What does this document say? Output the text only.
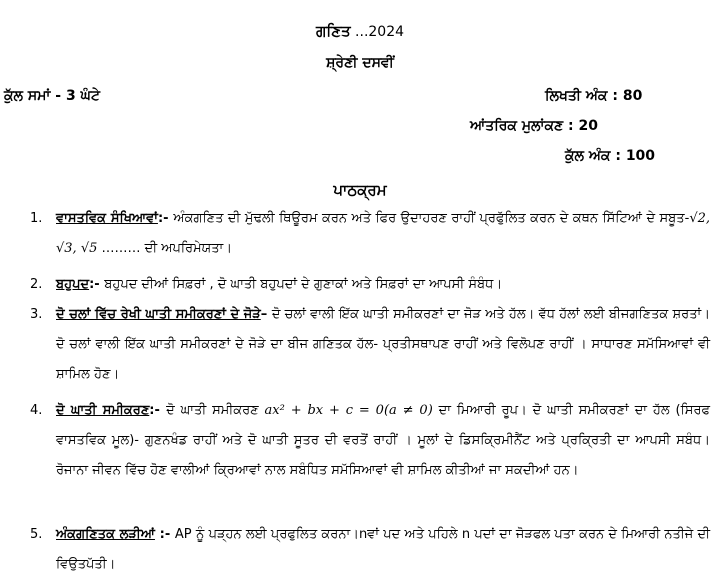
ਗਣਿਤ ...2024
ਸ਼੍ਰੇਣੀ ਦਸਵੀਂ
ਕੁੱਲ ਸਮਾਂ - 3 ਘੰਟੇ	ਲਿਖਤੀ ਅੰਕ : 80
ਆਂਤਰਿਕ ਮੁਲਾਂਕਣ : 20
ਕੁੱਲ ਅੰਕ : 100
ਪਾਠਕ੍ਰਮ
1. ਵਾਸਤਵਿਕ ਸੰਖਿਆਵਾਂ:- ਅੰਕਗਣਿਤ ਦੀ ਮੁੱਢਲੀ ਥਿਊਰਮ ਕਰਨ ਅਤੇ ਫਿਰ ਉਦਾਹਰਣ ਰਾਹੀਂ ਪ੍ਰਫੁੱਲਿਤ ਕਰਨ ਦੇ ਕਥਨ ਸਿੱਟਿਆਂ ਦੇ ਸਬੂਤ-√2, √3, √5 ……… ਦੀ ਅਪਰਿਮੇਯਤਾ।
2. ਬਹੁਪਦ:- ਬਹੁਪਦ ਦੀਆਂ ਸਿਫ਼ਰਾਂ , ਦੋ ਘਾਤੀ ਬਹੁਪਦਾਂ ਦੇ ਗੁਣਾਕਾਂ ਅਤੇ ਸਿਫ਼ਰਾਂ ਦਾ ਆਪਸੀ ਸੰਬੰਧ।
3. ਦੋ ਚਲਾਂ ਵਿੱਚ ਰੇਖੀ ਘਾਤੀ ਸਮੀਕਰਣਾਂ ਦੇ ਜੋੜੇ– ਦੋ ਚਲਾਂ ਵਾਲੀ ਇੱਕ ਘਾਤੀ ਸਮੀਕਰਣਾਂ ਦਾ ਜੋੜ ਅਤੇ ਹੱਲ। ਵੱਧ ਹੱਲਾਂ ਲਈ ਬੀਜਗਣਿਤਕ ਸ਼ਰਤਾਂ। ਦੋ ਚਲਾਂ ਵਾਲੀ ਇੱਕ ਘਾਤੀ ਸਮੀਕਰਣਾਂ ਦੇ ਜੋੜੇ ਦਾ ਬੀਜ ਗਣਿਤਕ ਹੱਲ- ਪ੍ਰਤੀਸਥਾਪਣ ਰਾਹੀਂ ਅਤੇ ਵਿਲੋਪਣ ਰਾਹੀਂ । ਸਾਧਾਰਣ ਸਮੱਸਿਆਵਾਂ ਵੀ ਸ਼ਾਮਿਲ ਹੋਣ।
4. ਦੋ ਘਾਤੀ ਸਮੀਕਰਣ:- ਦੋ ਘਾਤੀ ਸਮੀਕਰਣ ax² + bx + c = 0(a ≠ 0) ਦਾ ਮਿਆਰੀ ਰੂਪ। ਦੋ ਘਾਤੀ ਸਮੀਕਰਣਾਂ ਦਾ ਹੱਲ (ਸਿਰਫ ਵਾਸਤਵਿਕ ਮੂਲ)- ਗੁਣਨਖੰਡ ਰਾਹੀਂ ਅਤੇ ਦੋ ਘਾਤੀ ਸੂਤਰ ਦੀ ਵਰਤੋਂ ਰਾਹੀਂ । ਮੂਲਾਂ ਦੇ ਡਿਸਕ੍ਰਿਮੀਨੈਂਟ ਅਤੇ ਪ੍ਰਕ੍ਰਿਤੀ ਦਾ ਆਪਸੀ ਸਬੰਧ। ਰੋਜਾਨਾ ਜੀਵਨ ਵਿੱਚ ਹੋਣ ਵਾਲੀਆਂ ਕ੍ਰਿਆਵਾਂ ਨਾਲ ਸਬੰਧਿਤ ਸਮੱਸਿਆਵਾਂ ਵੀ ਸ਼ਾਮਿਲ ਕੀਤੀਆਂ ਜਾ ਸਕਦੀਆਂ ਹਨ।
5. ਅੰਕਗਣਿਤਕ ਲੜੀਆਂ :- AP ਨੂੰ ਪੜ੍ਹਨ ਲਈ ਪ੍ਰਫੁਲਿਤ ਕਰਨਾ।nਵਾਂ ਪਦ ਅਤੇ ਪਹਿਲੇ n ਪਦਾਂ ਦਾ ਜੋੜਫਲ ਪਤਾ ਕਰਨ ਦੇ ਮਿਆਰੀ ਨਤੀਜੇ ਦੀ ਵਿਉਤਪੱਤੀ।
